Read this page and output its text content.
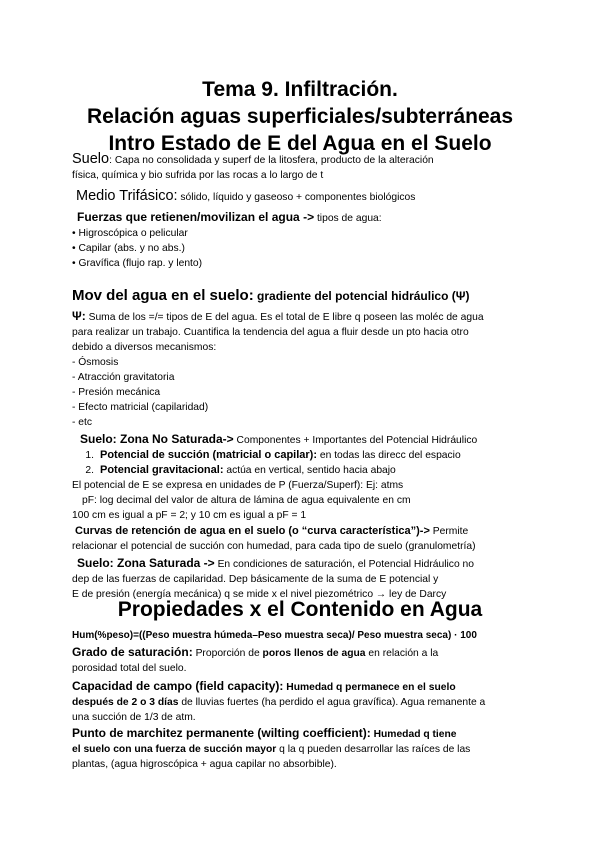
Tema 9. Infiltración.

Relación aguas superficiales/subterráneas

Intro Estado de E del Agua en el Suelo

Suelo: Capa no consolidada y superf de la litosfera, producto de la alteración
física, química y bio sufrida por las rocas a lo largo de t
Medio Trifásico: sólido, líquido y gaseoso + componentes biológicos
Fuerzas que retienen/movilizan el agua -> tipos de agua:
• Higroscópica o pelicular
• Capilar (abs. y no abs.)
• Gravífica (flujo rap. y lento)
Mov del agua en el suelo: gradiente del potencial hidráulico (Ψ)
Ψ: Suma de los =/= tipos de E del agua. Es el total de E libre q poseen las moléc de agua
para realizar un trabajo. Cuantifica la tendencia del agua a fluir desde un pto hacia otro
debido a diversos mecanismos:
- Ósmosis
- Atracción gravitatoria
- Presión mecánica
- Efecto matricial (capilaridad)
- etc
Suelo: Zona No Saturada-> Componentes + Importantes del Potencial Hidráulico
1. Potencial de succión (matricial o capilar): en todas las direcc del espacio
2. Potencial gravitacional: actúa en vertical, sentido hacia abajo
El potencial de E se expresa en unidades de P (Fuerza/Superf): Ej: atms
pF: log decimal del valor de altura de lámina de agua equivalente en cm
100 cm es igual a pF = 2; y 10 cm es igual a pF = 1
Curvas de retención de agua en el suelo (o “curva característica”)-> Permite
relacionar el potencial de succión con humedad, para cada tipo de suelo (granulometría)
Suelo: Zona Saturada -> En condiciones de saturación, el Potencial Hidráulico no
dep de las fuerzas de capilaridad. Dep básicamente de la suma de E potencial y
E de presión (energía mecánica) q se mide x el nivel piezométrico → ley de Darcy
Propiedades x el Contenido en Agua
Hum(%peso)=((Peso muestra húmeda–Peso muestra seca)/ Peso muestra seca) · 100
Grado de saturación: Proporción de poros llenos de agua en relación a la
porosidad total del suelo.
Capacidad de campo (field capacity): Humedad q permanece en el suelo
después de 2 o 3 días de lluvias fuertes (ha perdido el agua gravífica). Agua remanente a
una succión de 1/3 de atm.
Punto de marchitez permanente (wilting coefficient): Humedad q tiene
el suelo con una fuerza de succión mayor q la q pueden desarrollar las raíces de las
plantas, (agua higroscópica + agua capilar no absorbible).
